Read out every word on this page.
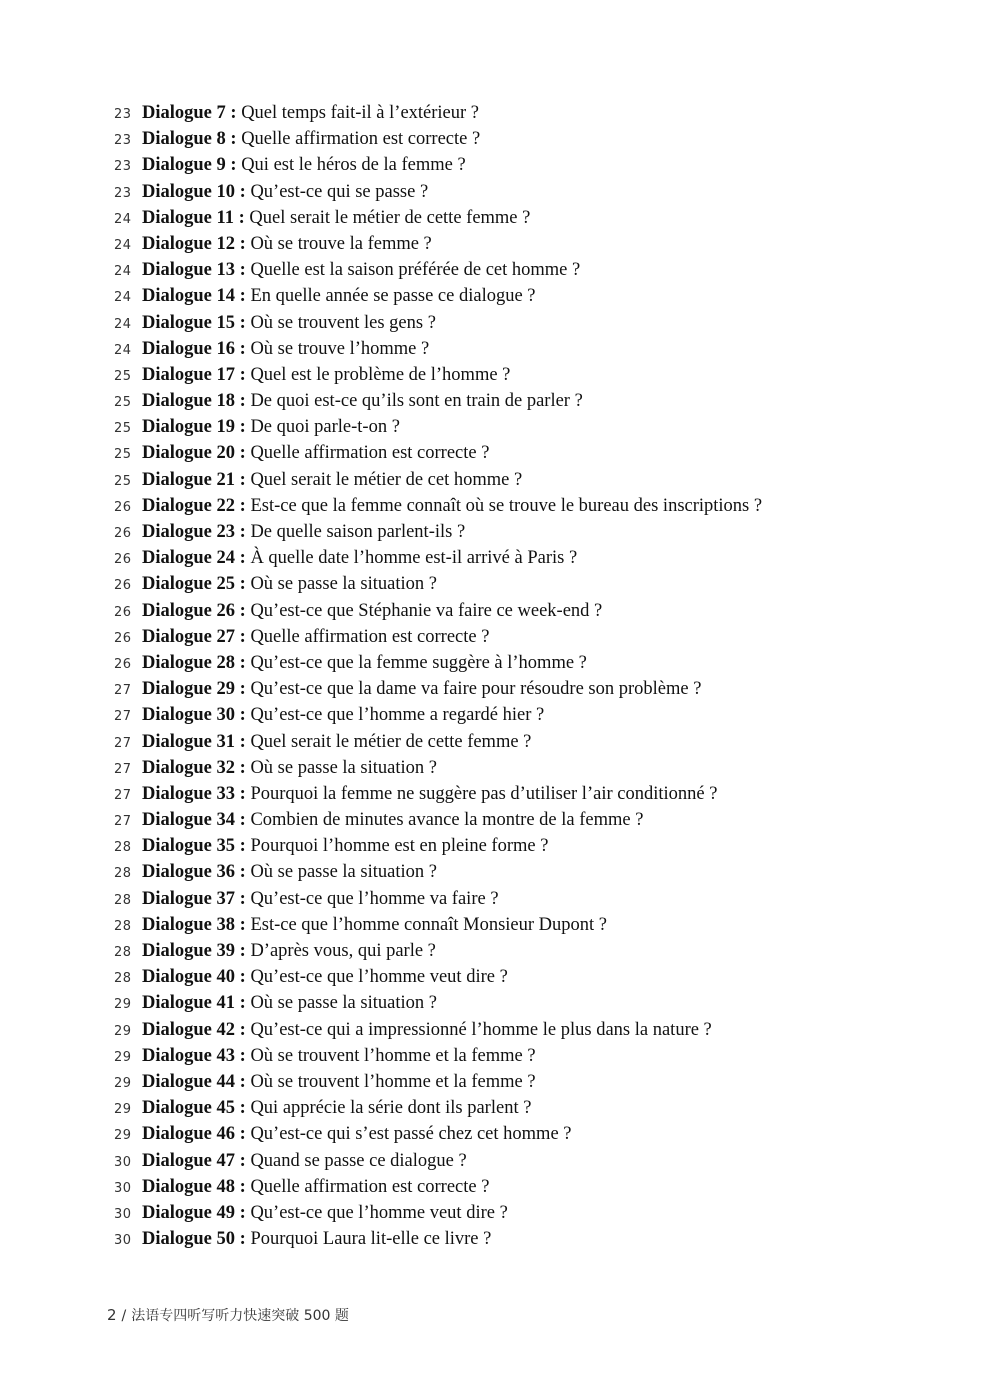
23 Dialogue 7 : Quel temps fait-il à l’extérieur ?
23 Dialogue 8 : Quelle affirmation est correcte ?
23 Dialogue 9 : Qui est le héros de la femme ?
23 Dialogue 10 : Qu’est-ce qui se passe ?
24 Dialogue 11 : Quel serait le métier de cette femme ?
24 Dialogue 12 : Où se trouve la femme ?
24 Dialogue 13 : Quelle est la saison préférée de cet homme ?
24 Dialogue 14 : En quelle année se passe ce dialogue ?
24 Dialogue 15 : Où se trouvent les gens ?
24 Dialogue 16 : Où se trouve l’homme ?
25 Dialogue 17 : Quel est le problème de l’homme ?
25 Dialogue 18 : De quoi est-ce qu’ils sont en train de parler ?
25 Dialogue 19 : De quoi parle-t-on ?
25 Dialogue 20 : Quelle affirmation est correcte ?
25 Dialogue 21 : Quel serait le métier de cet homme ?
26 Dialogue 22 : Est-ce que la femme connaît où se trouve le bureau des inscriptions ?
26 Dialogue 23 : De quelle saison parlent-ils ?
26 Dialogue 24 : À quelle date l’homme est-il arrivé à Paris ?
26 Dialogue 25 : Où se passe la situation ?
26 Dialogue 26 : Qu’est-ce que Stéphanie va faire ce week-end ?
26 Dialogue 27 : Quelle affirmation est correcte ?
26 Dialogue 28 : Qu’est-ce que la femme suggère à l’homme ?
27 Dialogue 29 : Qu’est-ce que la dame va faire pour résoudre son problème ?
27 Dialogue 30 : Qu’est-ce que l’homme a regardé hier ?
27 Dialogue 31 : Quel serait le métier de cette femme ?
27 Dialogue 32 : Où se passe la situation ?
27 Dialogue 33 : Pourquoi la femme ne suggère pas d’utiliser l’air conditionné ?
27 Dialogue 34 : Combien de minutes avance la montre de la femme ?
28 Dialogue 35 : Pourquoi l’homme est en pleine forme ?
28 Dialogue 36 : Où se passe la situation ?
28 Dialogue 37 : Qu’est-ce que l’homme va faire ?
28 Dialogue 38 : Est-ce que l’homme connaît Monsieur Dupont ?
28 Dialogue 39 : D’après vous, qui parle ?
28 Dialogue 40 : Qu’est-ce que l’homme veut dire ?
29 Dialogue 41 : Où se passe la situation ?
29 Dialogue 42 : Qu’est-ce qui a impressionné l’homme le plus dans la nature ?
29 Dialogue 43 : Où se trouvent l’homme et la femme ?
29 Dialogue 44 : Où se trouvent l’homme et la femme ?
29 Dialogue 45 : Qui apprécie la série dont ils parlent ?
29 Dialogue 46 : Qu’est-ce qui s’est passé chez cet homme ?
30 Dialogue 47 : Quand se passe ce dialogue ?
30 Dialogue 48 : Quelle affirmation est correcte ?
30 Dialogue 49 : Qu’est-ce que l’homme veut dire ?
30 Dialogue 50 : Pourquoi Laura lit-elle ce livre ?
2 / 法语专四听写听力快速突破 500 题
